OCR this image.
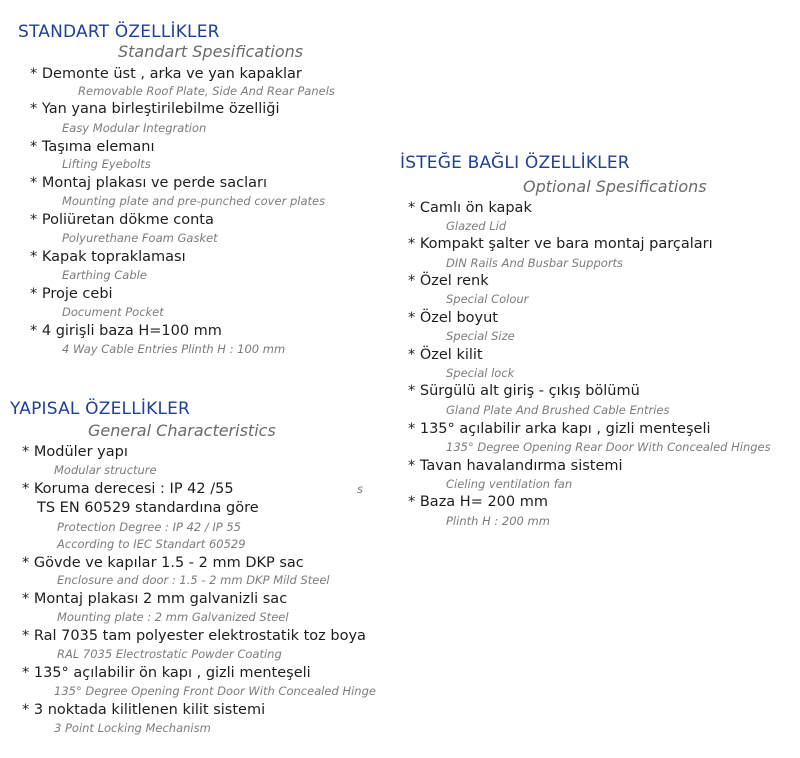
STANDART ÖZELLİKLER
Standart Spesifications
* Demonte üst , arka ve yan kapaklar
Removable Roof Plate, Side And Rear Panels
* Yan yana birleştirilebilme özelliği
Easy Modular Integration
* Taşıma elemanı
Lifting Eyebolts
* Montaj plakası ve perde sacları
Mounting plate and pre-punched cover plates
* Poliüretan dökme conta
Polyurethane Foam Gasket
* Kapak topraklaması
Earthing Cable
* Proje cebi
Document Pocket
* 4 girişli baza H=100 mm
4 Way Cable Entries Plinth H : 100 mm
İSTEĞE BAĞLI ÖZELLİKLER
Optional Spesifications
* Camlı ön kapak
Glazed Lid
* Kompakt şalter ve bara montaj parçaları
DIN Rails And Busbar Supports
* Özel renk
Special Colour
* Özel boyut
Special Size
* Özel kilit
Special lock
* Sürgülü alt giriş - çıkış bölümü
Gland Plate And Brushed Cable Entries
* 135° açılabilir arka kapı , gizli menteşeli
135° Degree Opening Rear Door With Concealed Hinges
* Tavan havalandırma sistemi
Cieling ventilation fan
* Baza H= 200 mm
Plinth H : 200 mm
YAPISAL ÖZELLİKLER
General Characteristics
* Modüler yapı
Modular structure
* Koruma derecesi : IP 42 /55	s
TS EN 60529 standardına göre
Protection Degree : IP 42 / IP 55
According to IEC Standart 60529
* Gövde ve kapılar 1.5 - 2 mm DKP sac
Enclosure and door : 1.5 - 2 mm DKP Mild Steel
* Montaj plakası 2 mm galvanizli sac
Mounting plate : 2 mm Galvanized Steel
* Ral 7035 tam polyester elektrostatik toz boya
RAL 7035 Electrostatic Powder Coating
* 135° açılabilir ön kapı , gizli menteşeli
135° Degree Opening Front Door With Concealed Hinge
* 3 noktada kilitlenen kilit sistemi
3 Point Locking Mechanism
